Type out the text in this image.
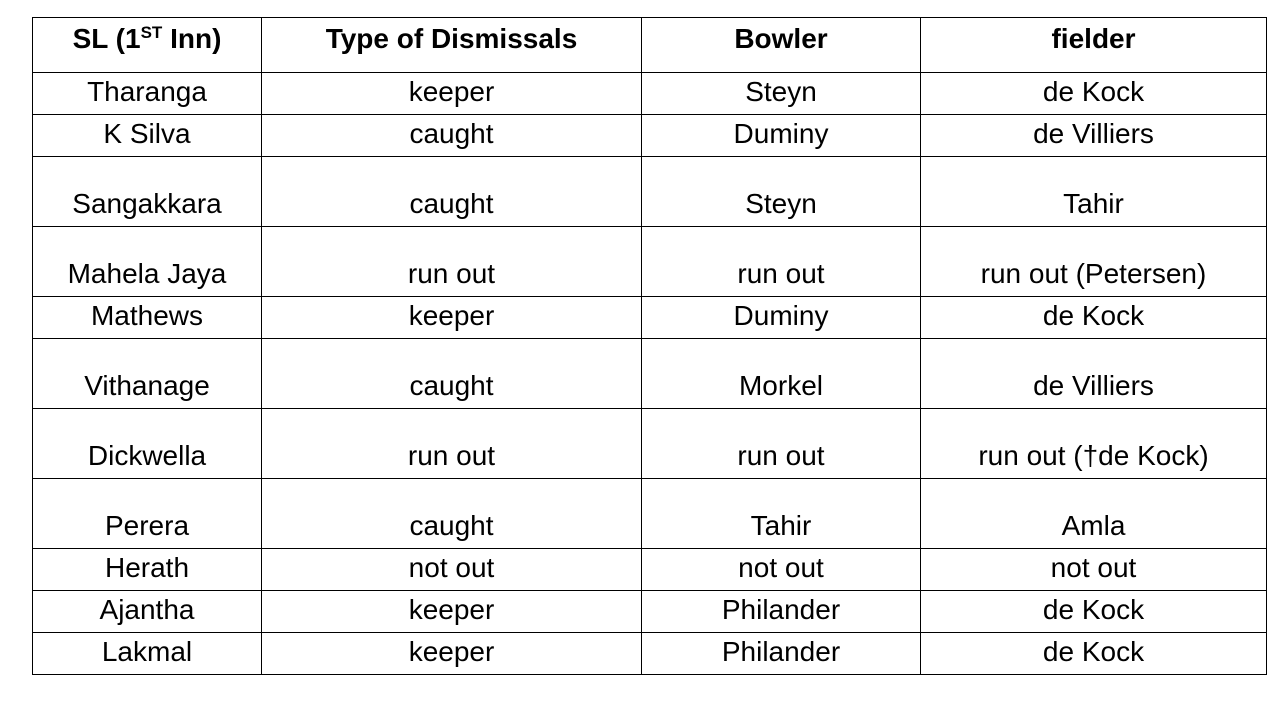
SL (1ST Inn)	Type of Dismissals	Bowler	fielder
Tharanga	keeper	Steyn	de Kock
K Silva	caught	Duminy	de Villiers
Sangakkara	caught	Steyn	Tahir
Mahela Jaya	run out	run out	run out (Petersen)
Mathews	keeper	Duminy	de Kock
Vithanage	caught	Morkel	de Villiers
Dickwella	run out	run out	run out (†de Kock)
Perera	caught	Tahir	Amla
Herath	not out	not out	not out
Ajantha	keeper	Philander	de Kock
Lakmal	keeper	Philander	de Kock
